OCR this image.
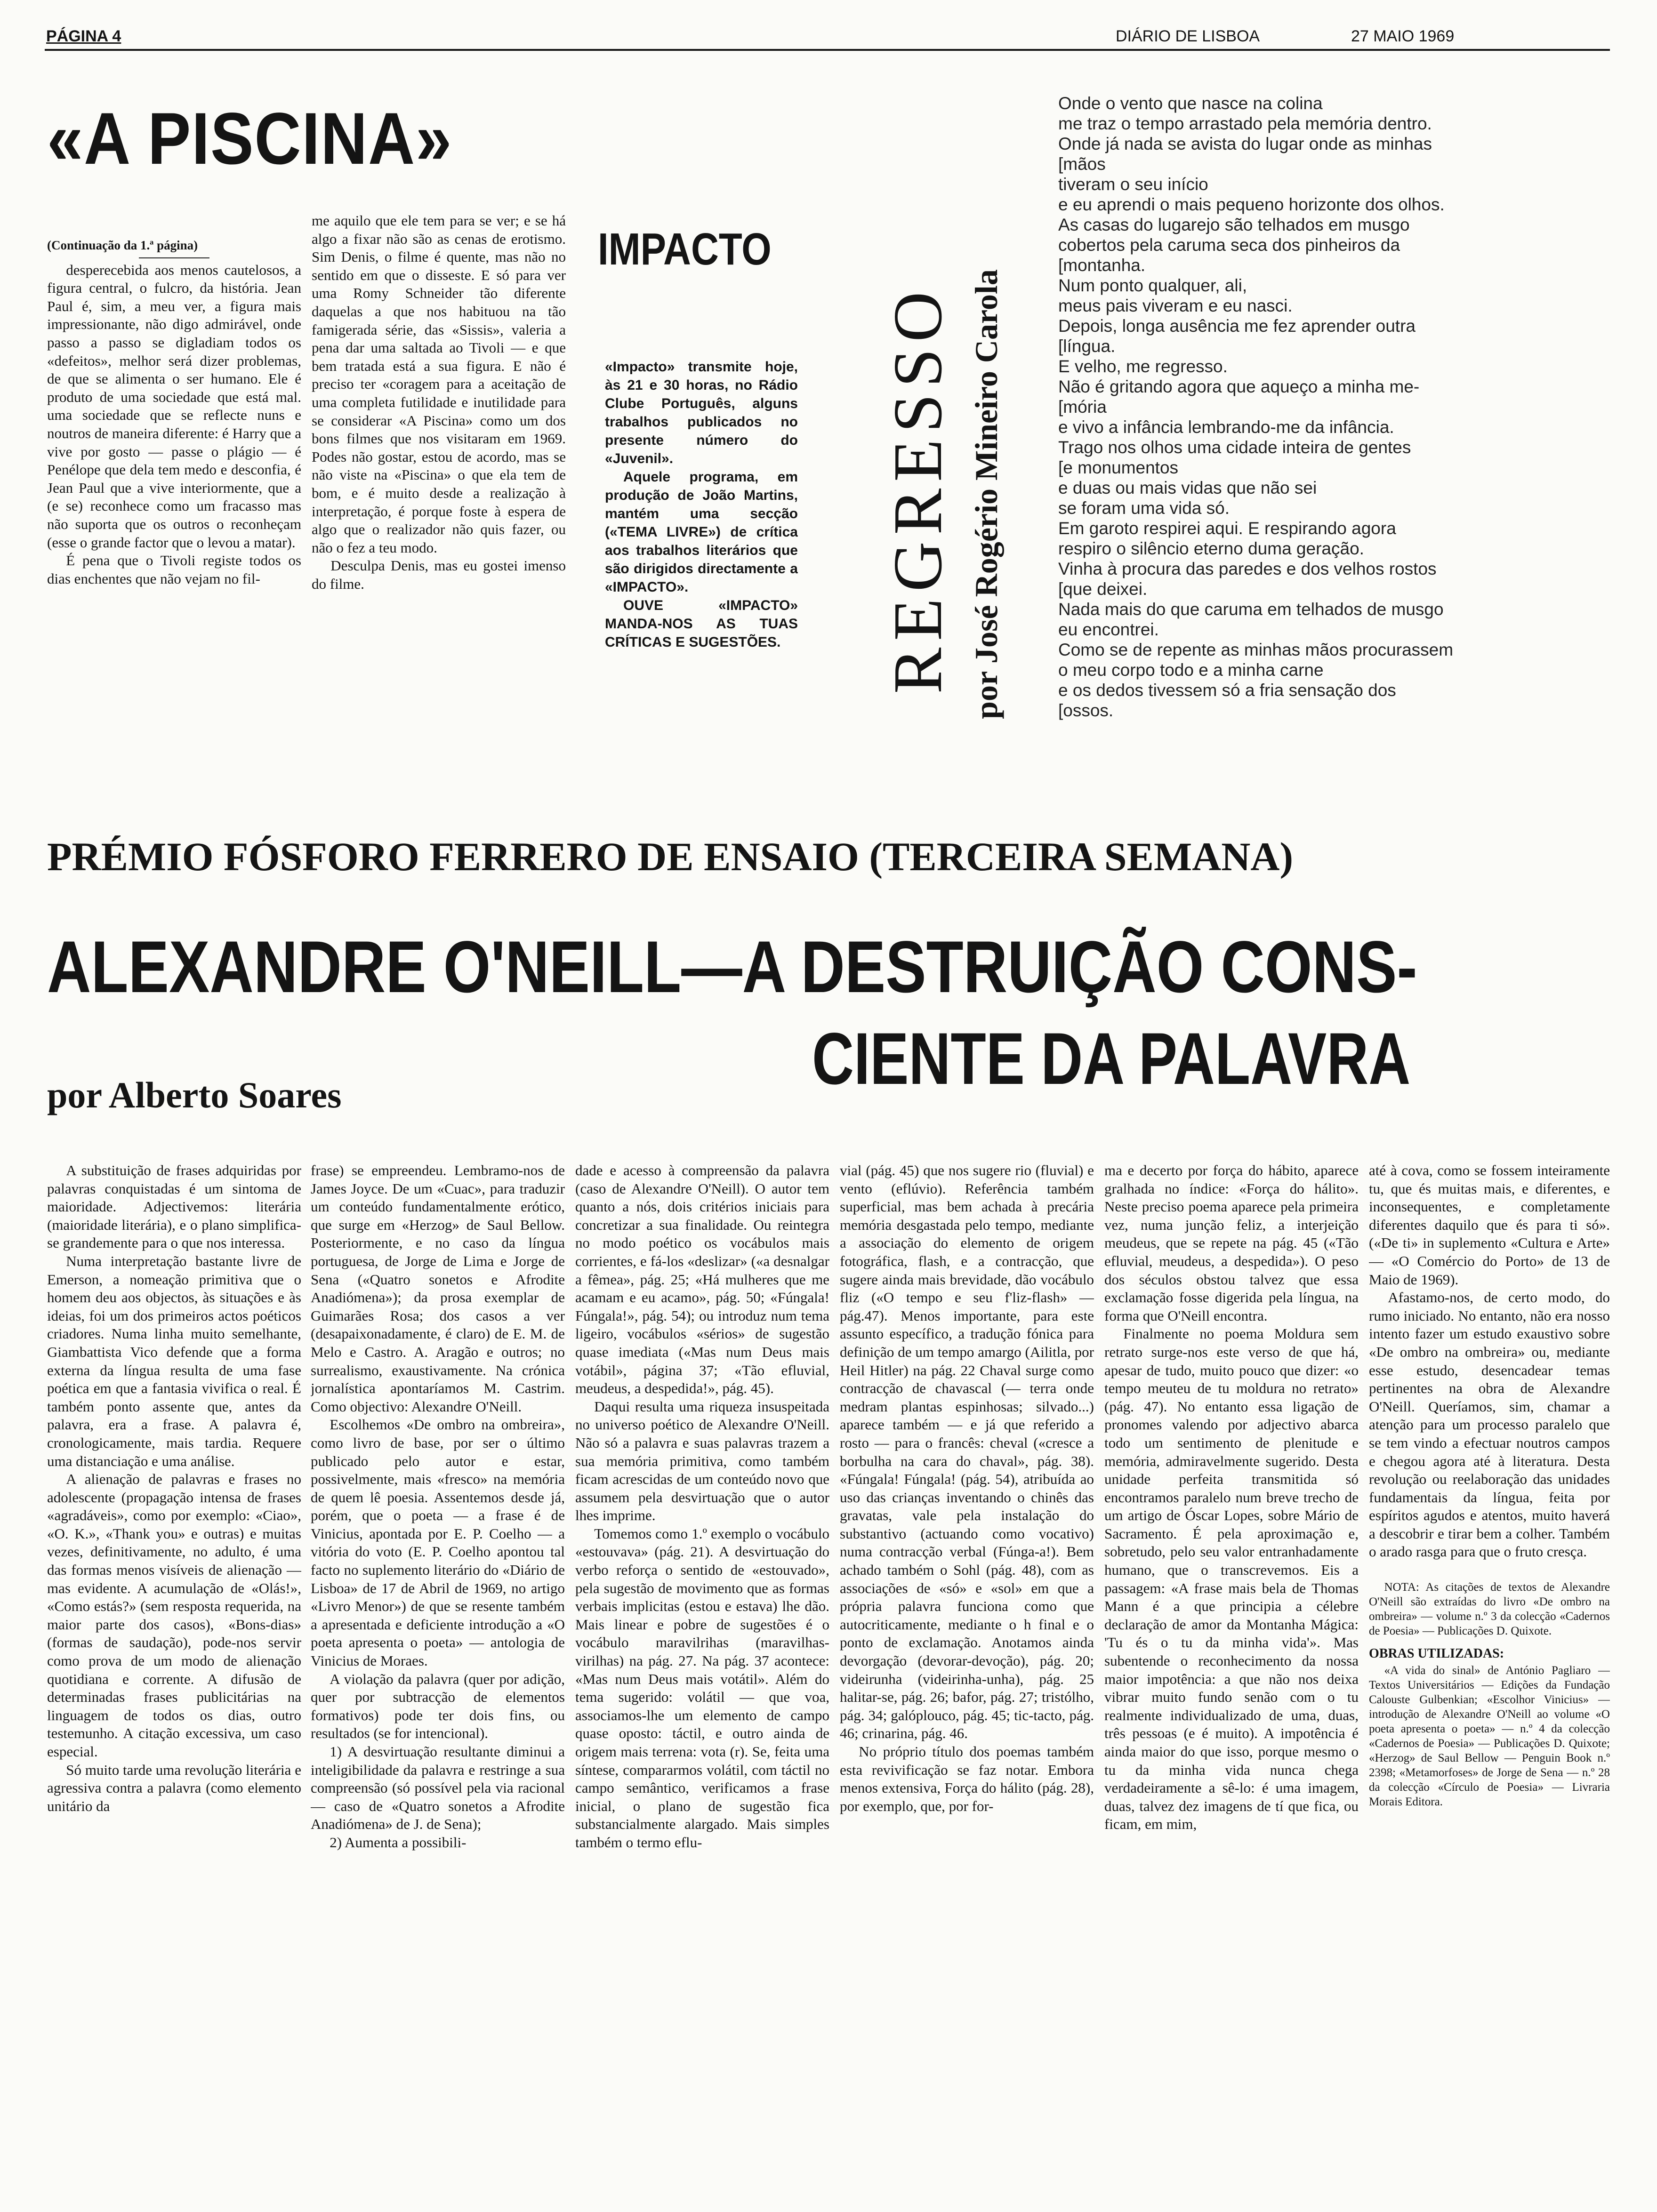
PÁGINA 4	DIÁRIO DE LISBOA	27 MAIO 1969
«A PISCINA»

(Continuação da 1.ª página)

desperecebida aos menos cautelosos, a figura central, o fulcro, da história. Jean Paul é, sim, a meu ver, a figura mais impressionante, não digo admirável, onde passo a passo se digladiam todos os «defeitos», melhor será dizer problemas, de que se alimenta o ser humano. Ele é produto de uma sociedade que está mal. uma sociedade que se reflecte nuns e noutros de maneira diferente: é Harry que a vive por gosto — passe o plágio — é Penélope que dela tem medo e desconfia, é Jean Paul que a vive interiormente, que a (e se) reconhece como um fracasso mas não suporta que os outros o reconheçam (esse o grande factor que o levou a matar).

É pena que o Tivoli registe todos os dias enchentes que não vejam no fil-

me aquilo que ele tem para se ver; e se há algo a fixar não são as cenas de erotismo. Sim Denis, o filme é quente, mas não no sentido em que o disseste. E só para ver uma Romy Schneider tão diferente daquelas a que nos habituou na tão famigerada série, das «Sissis», valeria a pena dar uma saltada ao Tivoli — e que bem tratada está a sua figura. E não é preciso ter «coragem para a aceitação de uma completa futilidade e inutilidade para se considerar «A Piscina» como um dos bons filmes que nos visitaram em 1969. Podes não gostar, estou de acordo, mas se não viste na «Piscina» o que ela tem de bom, e é muito desde a realização à interpretação, é porque foste à espera de algo que o realizador não quis fazer, ou não o fez a teu modo.

Desculpa Denis, mas eu gostei imenso do filme.

IMPACTO

«Impacto» transmite hoje, às 21 e 30 horas, no Rádio Clube Português, alguns trabalhos publicados no presente número do «Juvenil».

Aquele programa, em produção de João Martins, mantém uma secção («TEMA LIVRE») de crítica aos trabalhos literários que são dirigidos directamente a «IMPACTO».

OUVE «IMPACTO» MANDA-NOS AS TUAS CRÍTICAS E SUGESTÕES. REGRESSO por José Rogério Mineiro Carola
Onde o vento que nasce na colina
me traz o tempo arrastado pela memória dentro.
Onde já nada se avista do lugar onde as minhas
[mãos
tiveram o seu início
e eu aprendi o mais pequeno horizonte dos olhos.
As casas do lugarejo são telhados em musgo
cobertos pela caruma seca dos pinheiros da
[montanha.
Num ponto qualquer, ali,
meus pais viveram e eu nasci.
Depois, longa ausência me fez aprender outra
[língua.
E velho, me regresso.
Não é gritando agora que aqueço a minha me-
[mória
e vivo a infância lembrando-me da infância.
Trago nos olhos uma cidade inteira de gentes
[e monumentos
e duas ou mais vidas que não sei
se foram uma vida só.
Em garoto respirei aqui. E respirando agora
respiro o silêncio eterno duma geração.
Vinha à procura das paredes e dos velhos rostos
[que deixei.
Nada mais do que caruma em telhados de musgo
eu encontrei.
Como se de repente as minhas mãos procurassem
o meu corpo todo e a minha carne
e os dedos tivessem só a fria sensação dos
[ossos.
PRÉMIO FÓSFORO FERRERO DE ENSAIO (TERCEIRA SEMANA)
ALEXANDRE O'NEILL—A DESTRUIÇÃO CONS-
CIENTE DA PALAVRA
por Alberto Soares

A substituição de frases adquiridas por palavras conquistadas é um sintoma de maioridade. Adjectivemos: literária (maioridade literária), e o plano simplifica-se grandemente para o que nos interessa.

Numa interpretação bastante livre de Emerson, a nomeação primitiva que o homem deu aos objectos, às situações e às ideias, foi um dos primeiros actos poéticos criadores. Numa linha muito semelhante, Giambattista Vico defende que a forma externa da língua resulta de uma fase poética em que a fantasia vivifica o real. É também ponto assente que, antes da palavra, era a frase. A palavra é, cronologicamente, mais tardia. Requere uma distanciação e uma análise.

A alienação de palavras e frases no adolescente (propagação intensa de frases «agradáveis», como por exemplo: «Ciao», «O. K.», «Thank you» e outras) e muitas vezes, definitivamente, no adulto, é uma das formas menos visíveis de alienação — mas evidente. A acumulação de «Olás!», «Como estás?» (sem resposta requerida, na maior parte dos casos), «Bons-dias» (formas de saudação), pode-nos servir como prova de um modo de alienação quotidiana e corrente. A difusão de determinadas frases publicitárias na linguagem de todos os dias, outro testemunho. A citação excessiva, um caso especial.

Só muito tarde uma revolução literária e agressiva contra a palavra (como elemento unitário da

frase) se empreendeu. Lembramo-nos de James Joyce. De um «Cuac», para traduzir um conteúdo fundamentalmente erótico, que surge em «Herzog» de Saul Bellow. Posteriormente, e no caso da língua portuguesa, de Jorge de Lima e Jorge de Sena («Quatro sonetos e Afrodite Anadiómena»); da prosa exemplar de Guimarães Rosa; dos casos a ver (desapaixonadamente, é claro) de E. M. de Melo e Castro. A. Aragão e outros; no surrealismo, exaustivamente. Na crónica jornalística apontaríamos M. Castrim. Como objectivo: Alexandre O'Neill.

Escolhemos «De ombro na ombreira», como livro de base, por ser o último publicado pelo autor e estar, possivelmente, mais «fresco» na memória de quem lê poesia. Assentemos desde já, porém, que o poeta — a frase é de Vinicius, apontada por E. P. Coelho — a vitória do voto (E. P. Coelho apontou tal facto no suplemento literário do «Diário de Lisboa» de 17 de Abril de 1969, no artigo «Livro Menor») de que se resente também a apresentada e deficiente introdução a «O poeta apresenta o poeta» — antologia de Vinicius de Moraes.

A violação da palavra (quer por adição, quer por subtracção de elementos formativos) pode ter dois fins, ou resultados (se for intencional).

1) A desvirtuação resultante diminui a inteligibilidade da palavra e restringe a sua compreensão (só possível pela via racional — caso de «Quatro sonetos a Afrodite Anadiómena» de J. de Sena);

2) Aumenta a possibili-

dade e acesso à compreensão da palavra (caso de Alexandre O'Neill). O autor tem quanto a nós, dois critérios iniciais para concretizar a sua finalidade. Ou reintegra no modo poético os vocábulos mais corrientes, e fá-los «deslizar» («a desnalgar a fêmea», pág. 25; «Há mulheres que me acamam e eu acamo», pág. 50; «Fúngala! Fúngala!», pág. 54); ou introduz num tema ligeiro, vocábulos «sérios» de sugestão quase imediata («Mas num Deus mais votábil», página 37; «Tão efluvial, meudeus, a despedida!», pág. 45).

Daqui resulta uma riqueza insuspeitada no universo poético de Alexandre O'Neill. Não só a palavra e suas palavras trazem a sua memória primitiva, como também ficam acrescidas de um conteúdo novo que assumem pela desvirtuação que o autor lhes imprime.

Tomemos como 1.º exemplo o vocábulo «estouvava» (pág. 21). A desvirtuação do verbo reforça o sentido de «estouvado», pela sugestão de movimento que as formas verbais implicitas (estou e estava) lhe dão. Mais linear e pobre de sugestões é o vocábulo maravilrihas (maravilhas-virilhas) na pág. 27. Na pág. 37 acontece: «Mas num Deus mais votátil». Além do tema sugerido: volátil — que voa, associamos-lhe um elemento de campo quase oposto: táctil, e outro ainda de origem mais terrena: vota (r). Se, feita uma síntese, compararmos volátil, com táctil no campo semântico, verificamos a frase inicial, o plano de sugestão fica substancialmente alargado. Mais simples também o termo eflu-

vial (pág. 45) que nos sugere rio (fluvial) e vento (eflúvio). Referência também superficial, mas bem achada à precária memória desgastada pelo tempo, mediante a associação do elemento de origem fotográfica, flash, e a contracção, que sugere ainda mais brevidade, dão vocábulo fliz («O tempo e seu f'liz-flash» — pág.47). Menos importante, para este assunto específico, a tradução fónica para definição de um tempo amargo (Ailitla, por Heil Hitler) na pág. 22 Chaval surge como contracção de chavascal (— terra onde medram plantas espinhosas; silvado...) aparece também — e já que referido a rosto — para o francês: cheval («cresce a borbulha na cara do chaval», pág. 38). «Fúngala! Fúngala! (pág. 54), atribuída ao uso das crianças inventando o chinês das gravatas, vale pela instalação do substantivo (actuando como vocativo) numa contracção verbal (Fúnga-a!). Bem achado também o Sohl (pág. 48), com as associações de «só» e «sol» em que a própria palavra funciona como que autocriticamente, mediante o h final e o ponto de exclamação. Anotamos ainda devorgação (devorar-devoção), pág. 20; videirunha (videirinha-unha), pág. 25 halitar-se, pág. 26; bafor, pág. 27; tristólho, pág. 34; galóplouco, pág. 45; tic-tacto, pág. 46; crinarina, pág. 46.

No próprio título dos poemas também esta revivificação se faz notar. Embora menos extensiva, Força do hálito (pág. 28), por exemplo, que, por for-

ma e decerto por força do hábito, aparece gralhada no índice: «Força do hálito». Neste preciso poema aparece pela primeira vez, numa junção feliz, a interjeição meudeus, que se repete na pág. 45 («Tão efluvial, meudeus, a despedida»). O peso dos séculos obstou talvez que essa exclamação fosse digerida pela língua, na forma que O'Neill encontra.

Finalmente no poema Moldura sem retrato surge-nos este verso de que há, apesar de tudo, muito pouco que dizer: «o tempo meuteu de tu moldura no retrato» (pág. 47). No entanto essa ligação de pronomes valendo por adjectivo abarca todo um sentimento de plenitude e memória, admiravelmente sugerido. Desta unidade perfeita transmitida só encontramos paralelo num breve trecho de um artigo de Óscar Lopes, sobre Mário de Sacramento. É pela aproximação e, sobretudo, pelo seu valor entranhadamente humano, que o transcrevemos. Eis a passagem: «A frase mais bela de Thomas Mann é a que principia a célebre declaração de amor da Montanha Mágica: 'Tu és o tu da minha vida'». Mas subentende o reconhecimento da nossa maior impotência: a que não nos deixa vibrar muito fundo senão com o tu realmente individualizado de uma, duas, três pessoas (e é muito). A impotência é ainda maior do que isso, porque mesmo o tu da minha vida nunca chega verdadeiramente a sê-lo: é uma imagem, duas, talvez dez imagens de tí que fica, ou ficam, em mim,

até à cova, como se fossem inteiramente tu, que és muitas mais, e diferentes, e inconsequentes, e completamente diferentes daquilo que és para ti só». («De ti» in suplemento «Cultura e Arte» — «O Comércio do Porto» de 13 de Maio de 1969).

Afastamo-nos, de certo modo, do rumo iniciado. No entanto, não era nosso intento fazer um estudo exaustivo sobre «De ombro na ombreira» ou, mediante esse estudo, desencadear temas pertinentes na obra de Alexandre O'Neill. Queríamos, sim, chamar a atenção para um processo paralelo que se tem vindo a efectuar noutros campos e chegou agora até à literatura. Desta revolução ou reelaboração das unidades fundamentais da língua, feita por espíritos agudos e atentos, muito haverá a descobrir e tirar bem a colher. Também o arado rasga para que o fruto cresça.

NOTA: As citações de textos de Alexandre O'Neill são extraídas do livro «De ombro na ombreira» — volume n.º 3 da colecção «Cadernos de Poesia» — Publicações D. Quixote.

OBRAS UTILIZADAS:

«A vida do sinal» de António Pagliaro — Textos Universitários — Edições da Fundação Calouste Gulbenkian; «Escolhor Vinicius» — introdução de Alexandre O'Neill ao volume «O poeta apresenta o poeta» — n.º 4 da colecção «Cadernos de Poesia» — Publicações D. Quixote; «Herzog» de Saul Bellow — Penguin Book n.º 2398; «Metamorfoses» de Jorge de Sena — n.º 28 da colecção «Círculo de Poesia» — Livraria Morais Editora.
